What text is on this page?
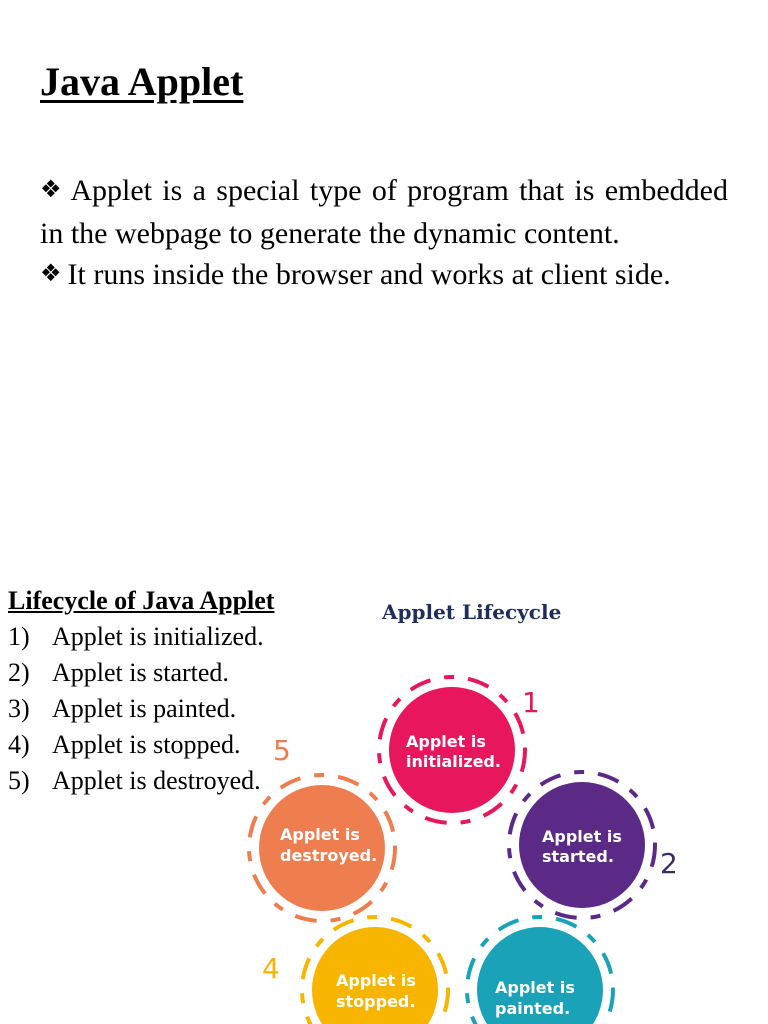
Java Applet

❖ Applet is a special type of program that is embedded in the webpage to generate the dynamic content.

❖ It runs inside the browser and works at client side.

Lifecycle of Java Applet

1) Applet is initialized.
2) Applet is started.
3) Applet is painted.
4) Applet is stopped.
5) Applet is destroyed.
Applet Lifecycle
Applet is
initialized.
1
Applet is
started. 2
Applet is
painted.
Applet is
stopped.
4
Applet is
destroyed.
5
